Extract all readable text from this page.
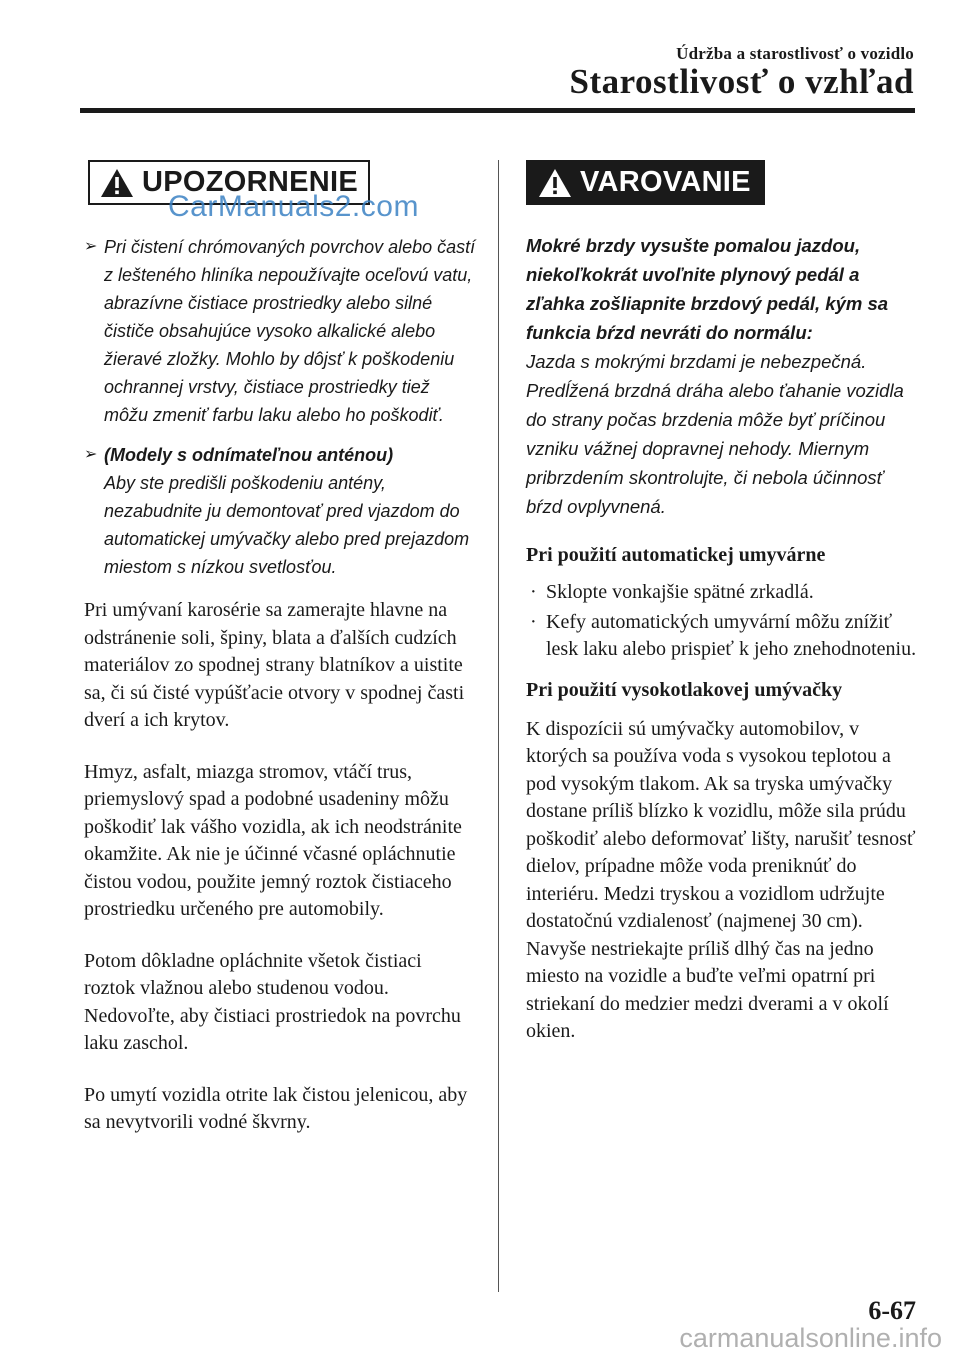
Údržba a starostlivosť o vozidlo
Starostlivosť o vzhľad
UPOZORNENIE
➢ Pri čistení chrómovaných povrchov alebo častí z lešteného hliníka nepoužívajte oceľovú vatu, abrazívne čistiace prostriedky alebo silné čističe obsahujúce vysoko alkalické alebo žieravé zložky. Mohlo by dôjsť k poškodeniu ochrannej vrstvy, čistiace prostriedky tiež môžu zmeniť farbu laku alebo ho poškodiť.
➢ (Modely s odnímateľnou anténou)
Aby ste predišli poškodeniu antény, nezabudnite ju demontovať pred vjazdom do automatickej umývačky alebo pred prejazdom miestom s nízkou svetlosťou.
Pri umývaní karosérie sa zamerajte hlavne na odstránenie soli, špiny, blata a ďalších cudzích materiálov zo spodnej strany blatníkov a uistite sa, či sú čisté vypúšťacie otvory v spodnej časti dverí a ich krytov.
Hmyz, asfalt, miazga stromov, vtáčí trus, priemyslový spad a podobné usadeniny môžu poškodiť lak vášho vozidla, ak ich neodstránite okamžite. Ak nie je účinné včasné opláchnutie čistou vodou, použite jemný roztok čistiaceho prostriedku určeného pre automobily.
Potom dôkladne opláchnite všetok čistiaci roztok vlažnou alebo studenou vodou. Nedovoľte, aby čistiaci prostriedok na povrchu laku zaschol.
Po umytí vozidla otrite lak čistou jelenicou, aby sa nevytvorili vodné škvrny.
VAROVANIE
Mokré brzdy vysušte pomalou jazdou, niekoľkokrát uvoľnite plynový pedál a zľahka zošliapnite brzdový pedál, kým sa funkcia bŕzd nevráti do normálu:
Jazda s mokrými brzdami je nebezpečná. Predĺžená brzdná dráha alebo ťahanie vozidla do strany počas brzdenia môže byť príčinou vzniku vážnej dopravnej nehody. Miernym pribrzdením skontrolujte, či nebola účinnosť bŕzd ovplyvnená.
Pri použití automatickej umyvárne
· Sklopte vonkajšie spätné zrkadlá.
· Kefy automatických umyvární môžu znížiť lesk laku alebo prispieť k jeho znehodnoteniu.
Pri použití vysokotlakovej umývačky
K dispozícii sú umývačky automobilov, v ktorých sa používa voda s vysokou teplotou a pod vysokým tlakom. Ak sa tryska umývačky dostane príliš blízko k vozidlu, môže sila prúdu poškodiť alebo deformovať lišty, narušiť tesnosť dielov, prípadne môže voda preniknúť do interiéru. Medzi tryskou a vozidlom udržujte dostatočnú vzdialenosť (najmenej 30 cm). Navyše nestriekajte príliš dlhý čas na jedno miesto na vozidle a buďte veľmi opatrní pri striekaní do medzier medzi dverami a v okolí okien.
CarManuals2.com
6-67
carmanualsonline.info
